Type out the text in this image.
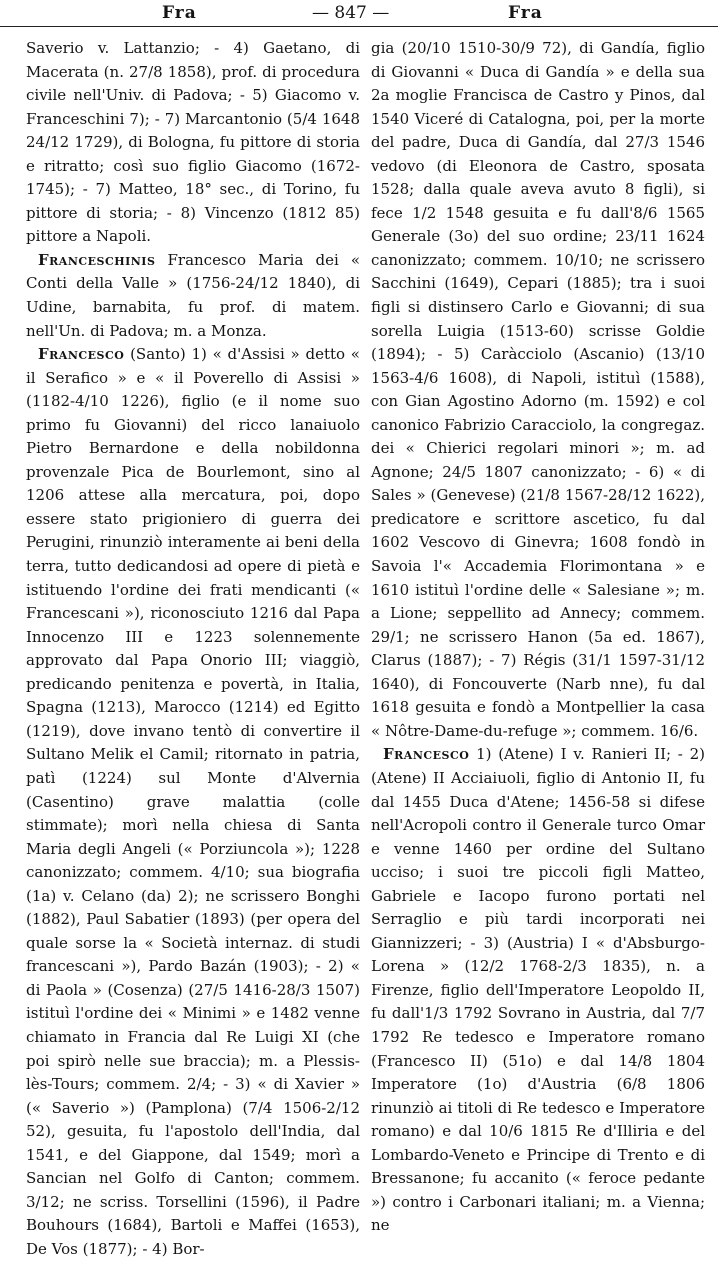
Fra	— 847 —	Fra

Saverio v. Lattanzio; - 4) Gaetano, di Macerata (n. 27/8 1858), prof. di procedura civile nell'Univ. di Padova; - 5) Giacomo v. Franceschini 7); - 7) Marcantonio (5/4 1648 24/12 1729), di Bologna, fu pittore di storia e ritratto; così suo figlio Giacomo (1672-1745); - 7) Matteo, 18° sec., di Torino, fu pittore di storia; - 8) Vincenzo (1812 85) pittore a Napoli.

Franceschinis Francesco Maria dei « Conti della Valle » (1756-24/12 1840), di Udine, barnabita, fu prof. di matem. nell'Un. di Padova; m. a Monza.

Francesco (Santo) 1) « d'Assisi » detto « il Serafico » e « il Poverello di Assisi » (1182-4/10 1226), figlio (e il nome suo primo fu Giovanni) del ricco lanaiuolo Pietro Bernardone e della nobildonna provenzale Pica de Bourlemont, sino al 1206 attese alla mercatura, poi, dopo essere stato prigioniero di guerra dei Perugini, rinunziò interamente ai beni della terra, tutto dedicandosi ad opere di pietà e istituendo l'ordine dei frati mendicanti (« Francescani »), riconosciuto 1216 dal Papa Innocenzo III e 1223 solennemente approvato dal Papa Onorio III; viaggiò, predicando penitenza e povertà, in Italia, Spagna (1213), Marocco (1214) ed Egitto (1219), dove invano tentò di convertire il Sultano Melik el Camil; ritornato in patria, patì (1224) sul Monte d'Alvernia (Casentino) grave malattia (colle stimmate); morì nella chiesa di Santa Maria degli Angeli (« Porziuncola »); 1228 canonizzato; commem. 4/10; sua biografia (1a) v. Celano (da) 2); ne scrissero Bonghi (1882), Paul Sabatier (1893) (per opera del quale sorse la « Società internaz. di studi francescani »), Pardo Bazán (1903); - 2) « di Paola » (Cosenza) (27/5 1416-28/3 1507) istituì l'ordine dei « Minimi » e 1482 venne chiamato in Francia dal Re Luigi XI (che poi spirò nelle sue braccia); m. a Plessis-lès-Tours; commem. 2/4; - 3) « di Xavier » (« Saverio ») (Pamplona) (7/4 1506-2/12 52), gesuita, fu l'apostolo dell'India, dal 1541, e del Giappone, dal 1549; morì a Sancian nel Golfo di Canton; commem. 3/12; ne scriss. Torsellini (1596), il Padre Bouhours (1684), Bartoli e Maffei (1653), De Vos (1877); - 4) Bor-

gia (20/10 1510-30/9 72), di Gandía, figlio di Giovanni « Duca di Gandía » e della sua 2a moglie Francisca de Castro y Pinos, dal 1540 Viceré di Catalogna, poi, per la morte del padre, Duca di Gandía, dal 27/3 1546 vedovo (di Eleonora de Castro, sposata 1528; dalla quale aveva avuto 8 figli), si fece 1/2 1548 gesuita e fu dall'8/6 1565 Generale (3o) del suo ordine; 23/11 1624 canonizzato; commem. 10/10; ne scrissero Sacchini (1649), Cepari (1885); tra i suoi figli si distinsero Carlo e Giovanni; di sua sorella Luigia (1513-60) scrisse Goldie (1894); - 5) Caràcciolo (Ascanio) (13/10 1563-4/6 1608), di Napoli, istituì (1588), con Gian Agostino Adorno (m. 1592) e col canonico Fabrizio Caracciolo, la congregaz. dei « Chierici regolari minori »; m. ad Agnone; 24/5 1807 canonizzato; - 6) « di Sales » (Genevese) (21/8 1567-28/12 1622), predicatore e scrittore ascetico, fu dal 1602 Vescovo di Ginevra; 1608 fondò in Savoia l'« Accademia Florimontana » e 1610 istituì l'ordine delle « Salesiane »; m. a Lione; seppellito ad Annecy; commem. 29/1; ne scrissero Hanon (5a ed. 1867), Clarus (1887); - 7) Régis (31/1 1597-31/12 1640), di Foncouverte (Narb nne), fu dal 1618 gesuita e fondò a Montpellier la casa « Nôtre-Dame-du-refuge »; commem. 16/6.

Francesco 1) (Atene) I v. Ranieri II; - 2) (Atene) II Acciaiuoli, figlio di Antonio II, fu dal 1455 Duca d'Atene; 1456-58 si difese nell'Acropoli contro il Generale turco Omar e venne 1460 per ordine del Sultano ucciso; i suoi tre piccoli figli Matteo, Gabriele e Iacopo furono portati nel Serraglio e più tardi incorporati nei Giannizzeri; - 3) (Austria) I « d'Absburgo-Lorena » (12/2 1768-2/3 1835), n. a Firenze, figlio dell'Imperatore Leopoldo II, fu dall'1/3 1792 Sovrano in Austria, dal 7/7 1792 Re tedesco e Imperatore romano (Francesco II) (51o) e dal 14/8 1804 Imperatore (1o) d'Austria (6/8 1806 rinunziò ai titoli di Re tedesco e Imperatore romano) e dal 10/6 1815 Re d'Illiria e del Lombardo-Veneto e Principe di Trento e di Bressanone; fu accanito (« feroce pedante ») contro i Carbonari italiani; m. a Vienna; ne
